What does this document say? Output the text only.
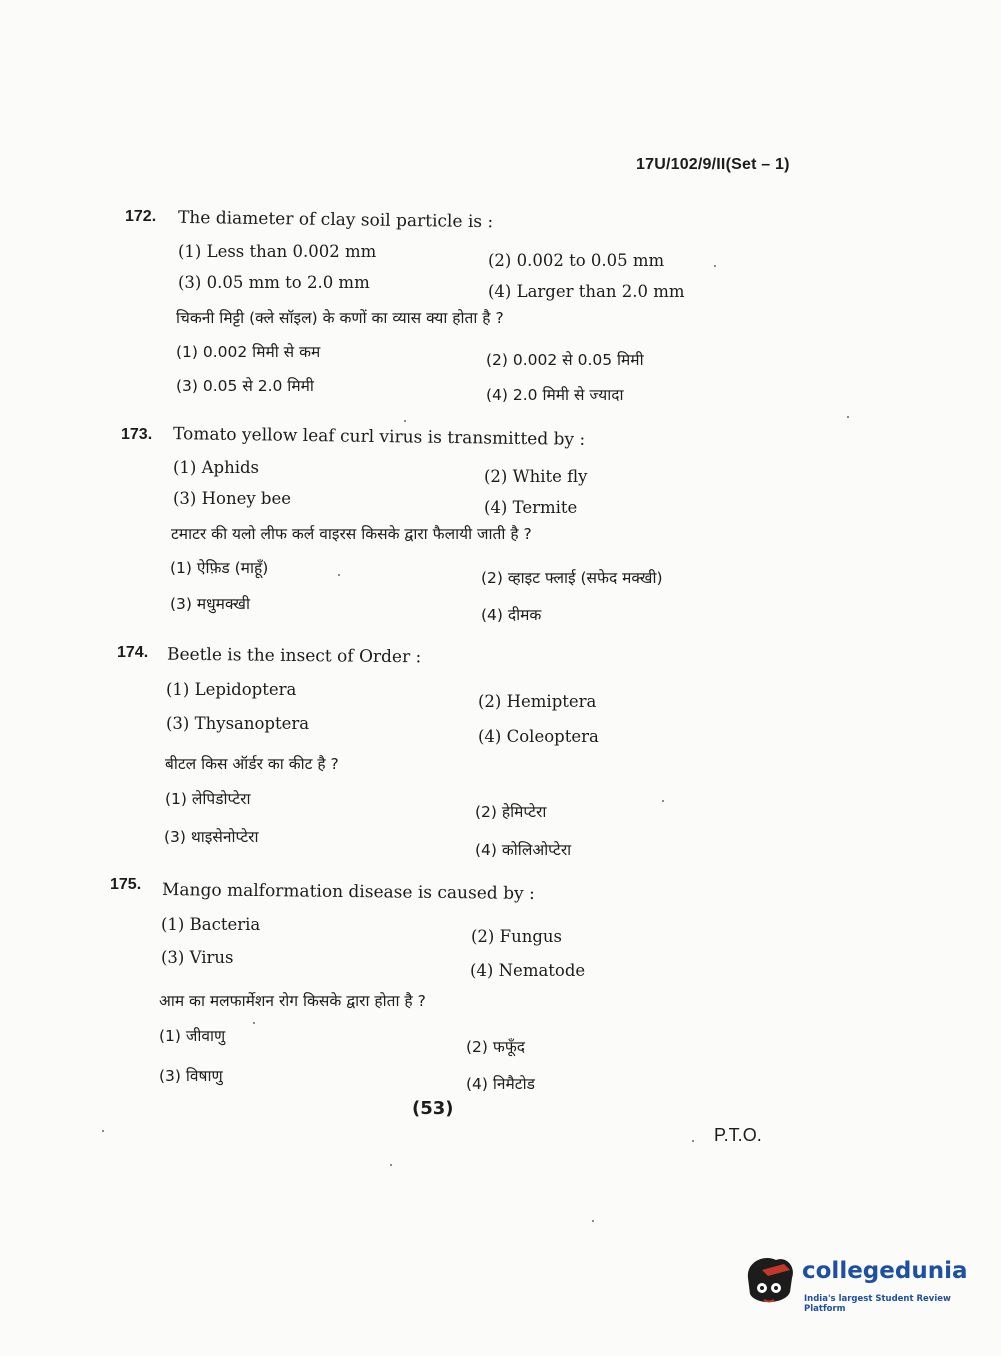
17U/102/9/II(Set – 1)
172. The diameter of clay soil particle is :
(1) Less than 0.002 mm	(2) 0.002 to 0.05 mm
(3) 0.05 mm to 2.0 mm	(4) Larger than 2.0 mm
चिकनी मिट्टी (क्ले सॉइल) के कणों का व्यास क्या होता है ?
(1) 0.002 मिमी से कम	(2) 0.002 से 0.05 मिमी
(3) 0.05 से 2.0 मिमी	(4) 2.0 मिमी से ज्यादा
173. Tomato yellow leaf curl virus is transmitted by :
(1) Aphids	(2) White fly
(3) Honey bee	(4) Termite
टमाटर की यलो लीफ कर्ल वाइरस किसके द्वारा फैलायी जाती है ?
(1) ऐफ़िड (माहूँ)
(2) व्हाइट फ्लाई (सफेद मक्खी)
(3) मधुमक्खी
(4) दीमक
174. Beetle is the insect of Order :
(1) Lepidoptera
(2) Hemiptera
(3) Thysanoptera
(4) Coleoptera
बीटल किस ऑर्डर का कीट है ?
(1) लेपिडोप्टेरा
(2) हेमिप्टेरा
(3) थाइसेनोप्टेरा
(4) कोलिओप्टेरा
175. Mango malformation disease is caused by :
(1) Bacteria
(2) Fungus
(3) Virus
(4) Nematode
आम का मलफार्मेशन रोग किसके द्वारा होता है ?
(1) जीवाणु
(2) फफूँद
(3) विषाणु	(4) निमैटोड
(53)
P.T.O.
collegedunia
India's largest Student Review Platform
